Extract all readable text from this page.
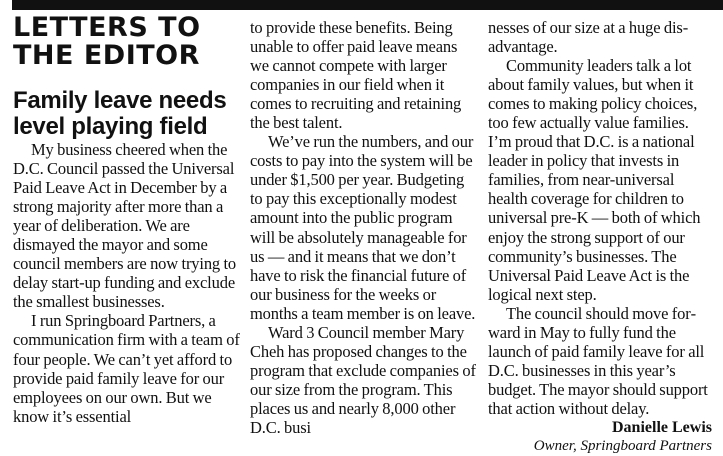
LETTERS TO
THE EDITOR
Family leave needs
level playing field

My business cheered when the D.C. Council passed the Universal Paid Leave Act in December by a strong majority after more than a year of deliberation. We are dismayed the mayor and some council members are now trying to delay start-up funding and exclude the smallest businesses.

I run Springboard Partners, a communication firm with a team of four people. We can’t yet afford to provide paid family leave for our employees on our own. But we know it’s essential

to provide these benefits. Being unable to offer paid leave means we cannot compete with larger companies in our field when it comes to recruiting and retaining the best talent.

We’ve run the numbers, and our costs to pay into the system will be under $1,500 per year. Budgeting to pay this exceptionally modest amount into the public program will be absolutely manageable for us — and it means that we don’t have to risk the financial future of our business for the weeks or months a team member is on leave.

Ward 3 Council member Mary Cheh has proposed changes to the program that exclude companies of our size from the program. This places us and nearly 8,000 other D.C. busi

nesses of our size at a huge disadvantage.

Community leaders talk a lot about family values, but when it comes to making policy choices, too few actually value families. I’m proud that D.C. is a national leader in policy that invests in families, from near-universal health coverage for children to universal pre-K — both of which enjoy the strong support of our community’s businesses. The Universal Paid Leave Act is the logical next step.

The council should move forward in May to fully fund the launch of paid family leave for all D.C. businesses in this year’s budget. The mayor should support that action without delay.

Danielle Lewis

Owner, Springboard Partners
